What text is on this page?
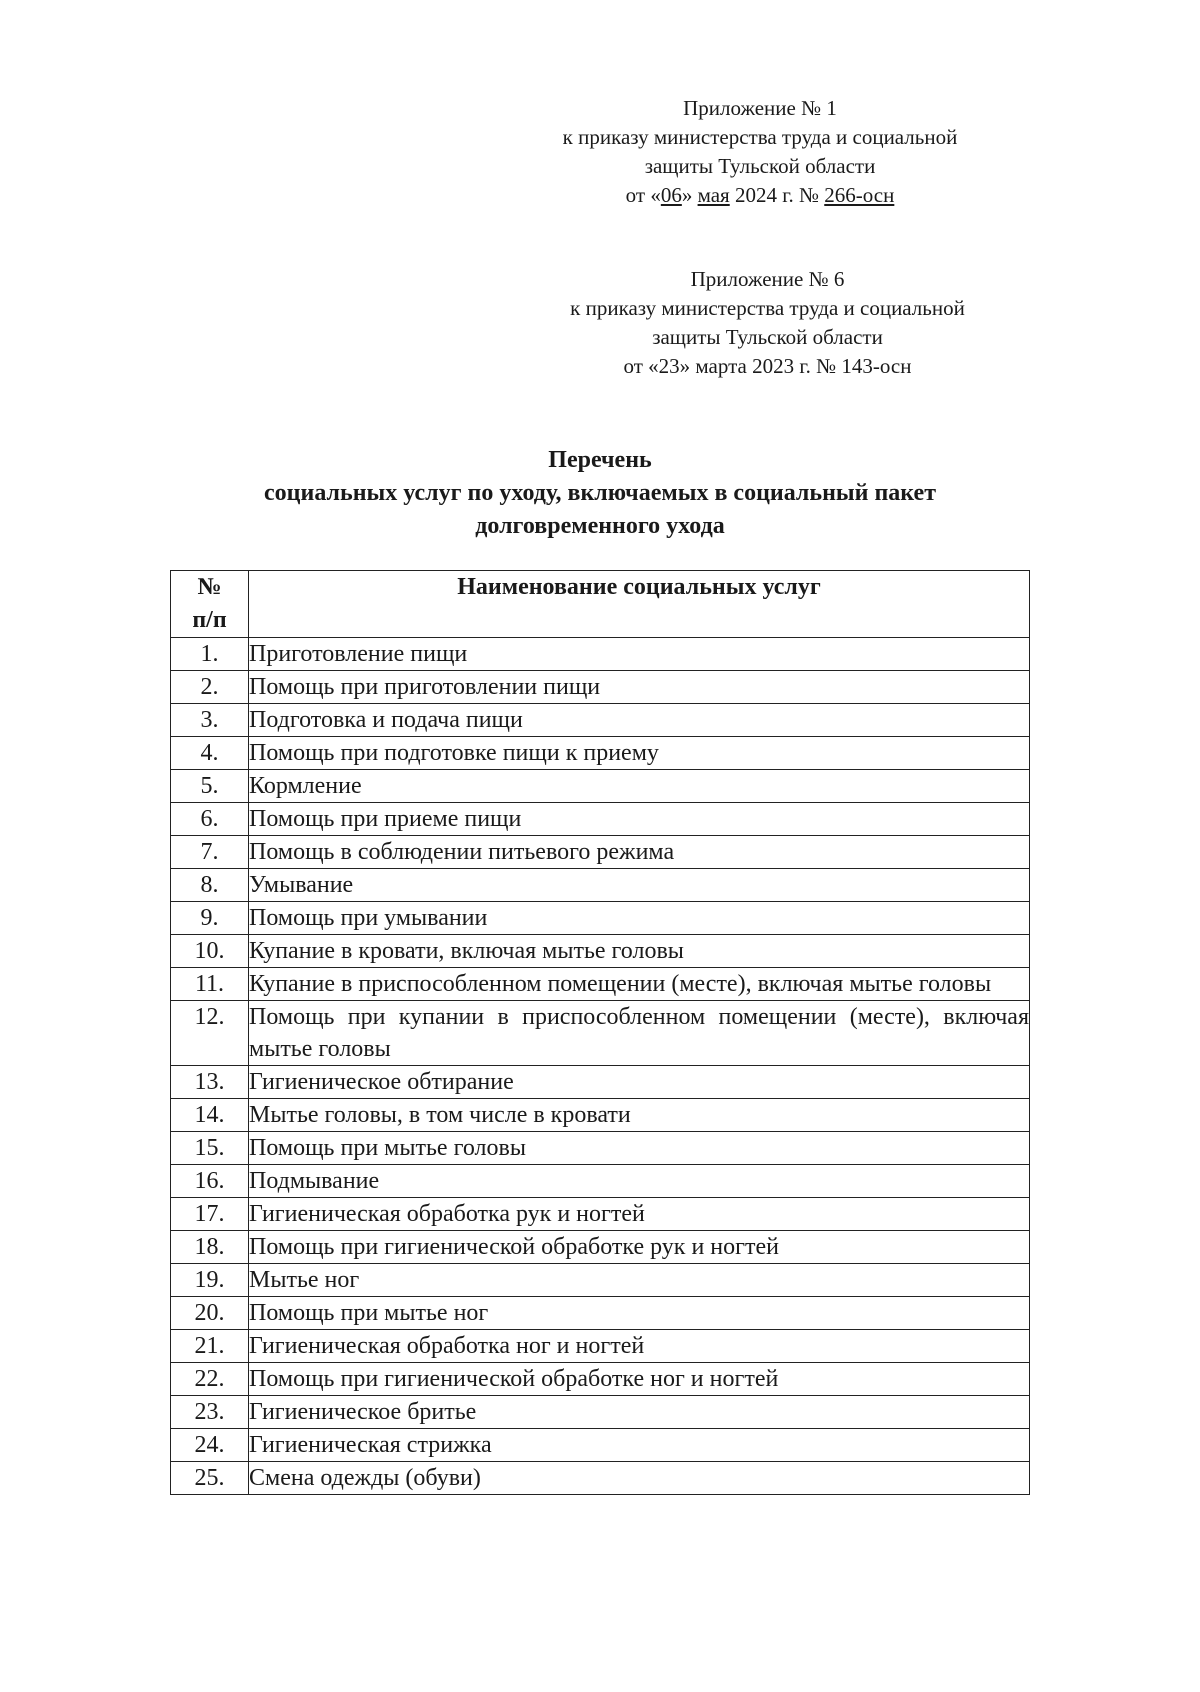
Приложение № 1
к приказу министерства труда и социальной
защиты Тульской области
от «06» мая 2024 г. № 266-осн
Приложение № 6
к приказу министерства труда и социальной
защиты Тульской области
от «23» марта 2023 г. № 143-осн
Перечень
социальных услуг по уходу, включаемых в социальный пакет
долговременного ухода
№
п/п	Наименование социальных услуг
1.	Приготовление пищи
2.	Помощь при приготовлении пищи
3.	Подготовка и подача пищи
4.	Помощь при подготовке пищи к приему
5.	Кормление
6.	Помощь при приеме пищи
7.	Помощь в соблюдении питьевого режима
8.	Умывание
9.	Помощь при умывании
10.	Купание в кровати, включая мытье головы
11.	Купание в приспособленном помещении (месте), включая мытье головы
12.	Помощь при купании в приспособленном помещении (месте), включая мытье головы
13.	Гигиеническое обтирание
14.	Мытье головы, в том числе в кровати
15.	Помощь при мытье головы
16.	Подмывание
17.	Гигиеническая обработка рук и ногтей
18.	Помощь при гигиенической обработке рук и ногтей
19.	Мытье ног
20.	Помощь при мытье ног
21.	Гигиеническая обработка ног и ногтей
22.	Помощь при гигиенической обработке ног и ногтей
23.	Гигиеническое бритье
24.	Гигиеническая стрижка
25.	Смена одежды (обуви)
